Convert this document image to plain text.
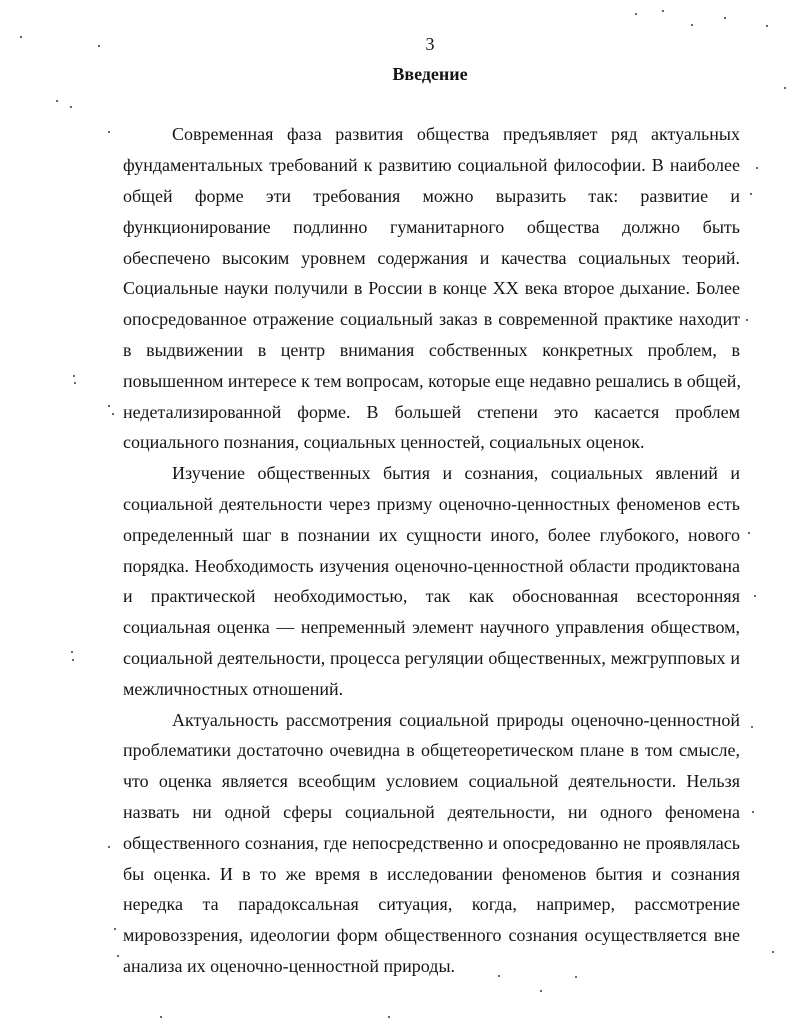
3
Введение
Современная фаза развития общества предъявляет ряд актуальных
фундаментальных требований к развитию социальной философии. В наиболее
общей форме эти требования можно выразить так: развитие и
функционирование подлинно гуманитарного общества должно быть
обеспечено высоким уровнем содержания и качества социальных теорий.
Социальные науки получили в России в конце XX века второе дыхание. Более
опосредованное отражение социальный заказ в современной практике находит
в выдвижении в центр внимания собственных конкретных проблем, в
повышенном интересе к тем вопросам, которые еще недавно решались в общей,
недетализированной форме. В большей степени это касается проблем
социального познания, социальных ценностей, социальных оценок.
Изучение общественных бытия и сознания, социальных явлений и
социальной деятельности через призму оценочно-ценностных феноменов есть
определенный шаг в познании их сущности иного, более глубокого, нового
порядка. Необходимость изучения оценочно-ценностной области продиктована
и практической необходимостью, так как обоснованная всесторонняя
социальная оценка — непременный элемент научного управления обществом,
социальной деятельности, процесса регуляции общественных, межгрупповых и
межличностных отношений.
Актуальность рассмотрения социальной природы оценочно-ценностной
проблематики достаточно очевидна в общетеоретическом плане в том смысле,
что оценка является всеобщим условием социальной деятельности. Нельзя
назвать ни одной сферы социальной деятельности, ни одного феномена
общественного сознания, где непосредственно и опосредованно не проявлялась
бы оценка. И в то же время в исследовании феноменов бытия и сознания
нередка та парадоксальная ситуация, когда, например, рассмотрение
мировоззрения, идеологии форм общественного сознания осуществляется вне
анализа их оценочно-ценностной природы.
